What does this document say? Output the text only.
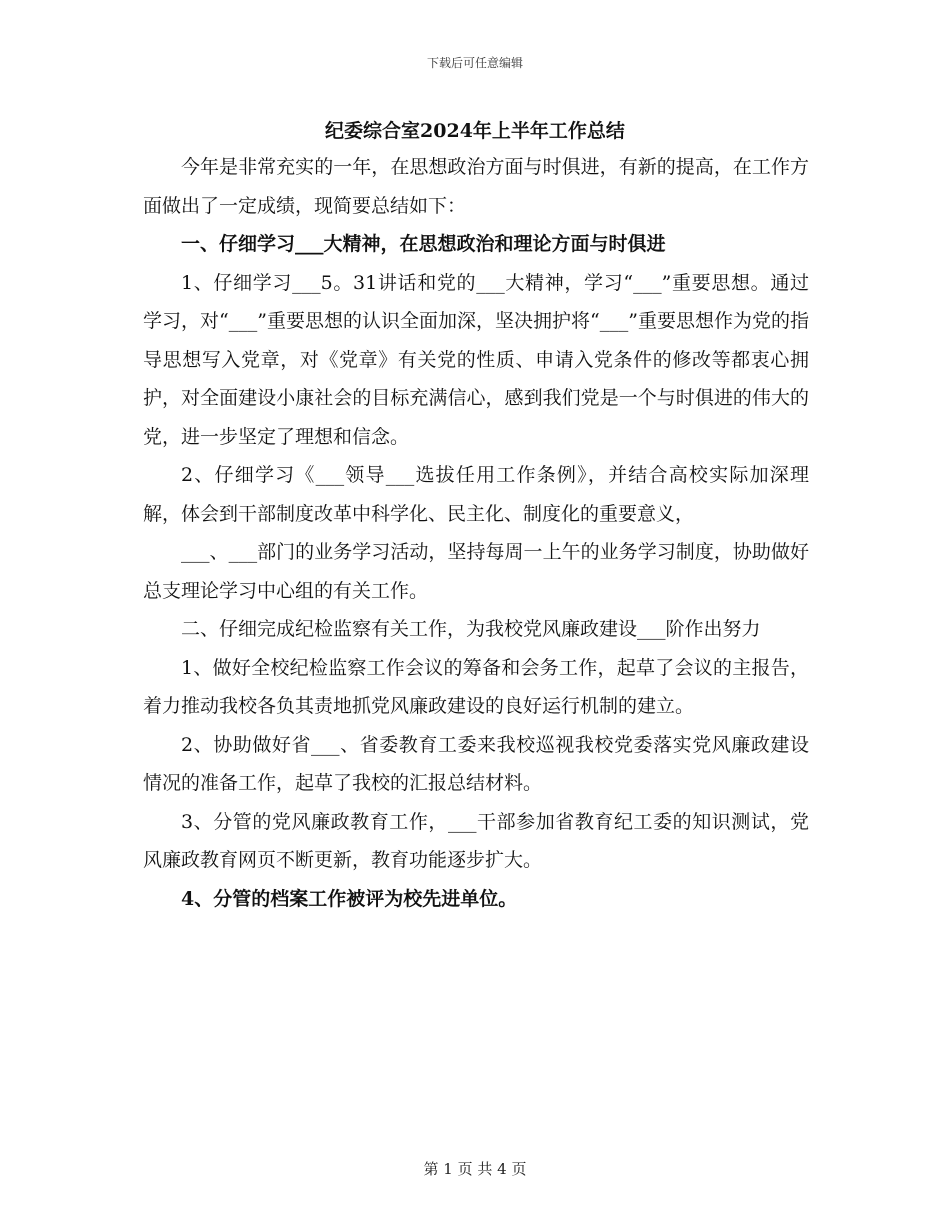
下载后可任意编辑
纪委综合室2024年上半年工作总结

今年是非常充实的一年，在思想政治方面与时俱进，有新的提高，在工作方面做出了一定成绩，现简要总结如下：

一、仔细学习___大精神，在思想政治和理论方面与时俱进

1、仔细学习___5。31讲话和党的___大精神，学习“___”重要思想。通过学习，对“___”重要思想的认识全面加深，坚决拥护将“___”重要思想作为党的指导思想写入党章，对《党章》有关党的性质、申请入党条件的修改等都衷心拥护，对全面建设小康社会的目标充满信心，感到我们党是一个与时俱进的伟大的党，进一步坚定了理想和信念。

2、仔细学习《___领导___选拔任用工作条例》，并结合高校实际加深理解，体会到干部制度改革中科学化、民主化、制度化的重要意义，

___、___部门的业务学习活动，坚持每周一上午的业务学习制度，协助做好总支理论学习中心组的有关工作。

二、仔细完成纪检监察有关工作，为我校党风廉政建设___阶作出努力

1、做好全校纪检监察工作会议的筹备和会务工作，起草了会议的主报告，着力推动我校各负其责地抓党风廉政建设的良好运行机制的建立。

2、协助做好省___、省委教育工委来我校巡视我校党委落实党风廉政建设情况的准备工作，起草了我校的汇报总结材料。

3、分管的党风廉政教育工作，___干部参加省教育纪工委的知识测试，党风廉政教育网页不断更新，教育功能逐步扩大。

4、分管的档案工作被评为校先进单位。

第 1 页 共 4 页
